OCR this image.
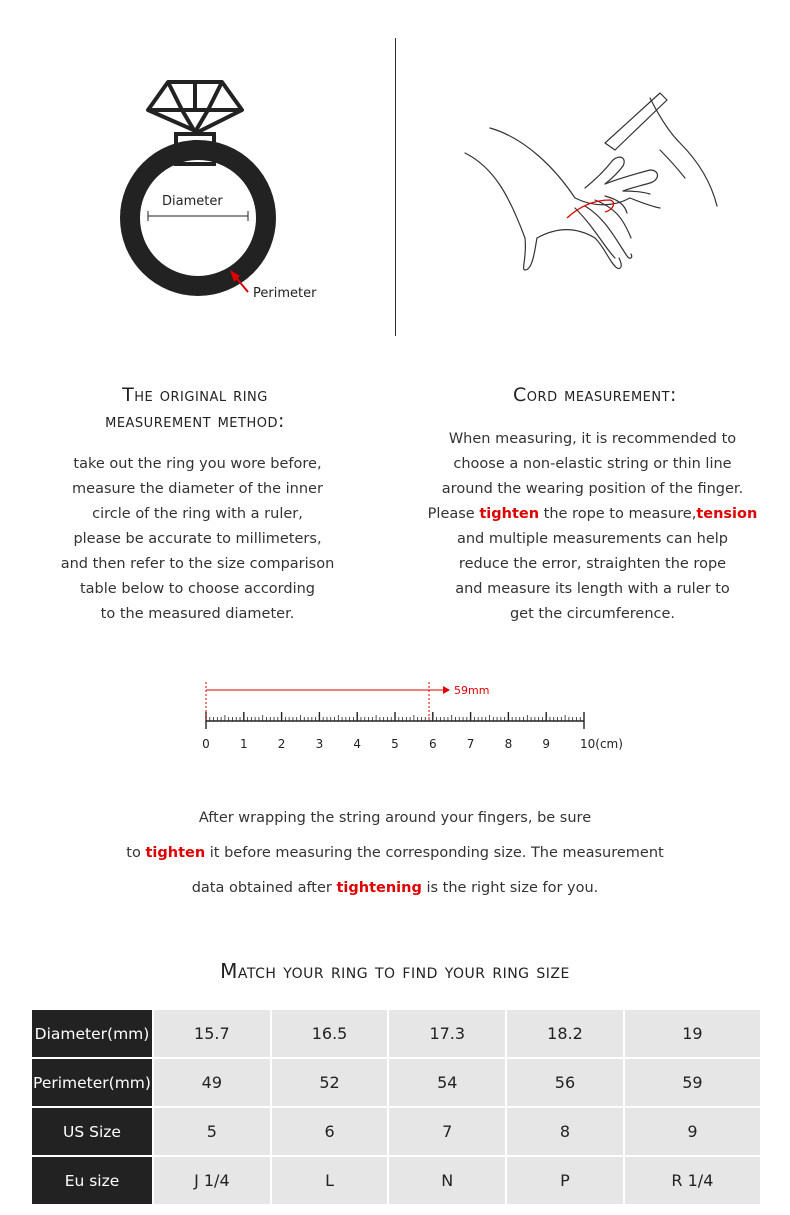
Diameter
Perimeter
The original ring
measurement method:
take out the ring you wore before,
measure the diameter of the inner
circle of the ring with a ruler,
please be accurate to millimeters,
and then refer to the size comparison
table below to choose according
to the measured diameter.
Cord measurement:
When measuring, it is recommended to
choose a non-elastic string or thin line
around the wearing position of the finger.
Please tighten the rope to measure,tension
and multiple measurements can help
reduce the error, straighten the rope
and measure its length with a ruler to
get the circumference.
0	1	2	3	4	5	6	7	8	9 10(cm)
59mm
After wrapping the string around your fingers, be sure
to tighten it before measuring the corresponding size. The measurement
data obtained after tightening is the right size for you.
Match your ring to find your ring size
Diameter(mm)	15.7	16.5	17.3	18.2	19
Perimeter(mm)	49	52	54	56	59
US Size	5	6	7	8	9
Eu size	J 1/4	L	N	P	R 1/4
